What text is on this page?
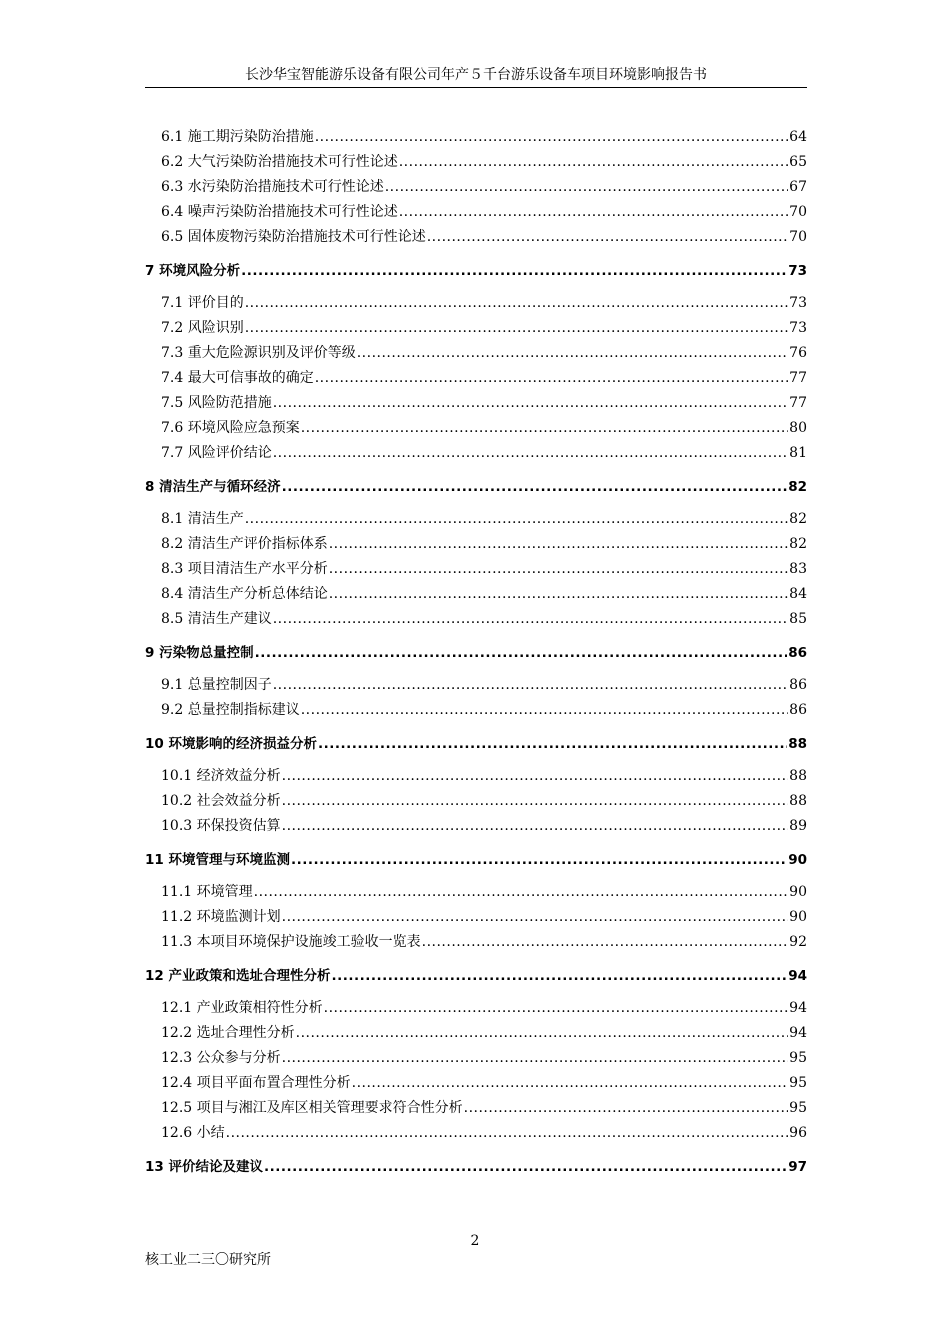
长沙华宝智能游乐设备有限公司年产５千台游乐设备车项目环境影响报告书
6.1 施工期污染防治措施 .....	64
6.2 大气污染防治措施技术可行性论述 .....	65
6.3 水污染防治措施技术可行性论述 .....	67
6.4 噪声污染防治措施技术可行性论述 .....	70
6.5 固体废物污染防治措施技术可行性论述 .....	70
7 环境风险分析 .....	73
7.1 评价目的 .....	73
7.2 风险识别 .....	73
7.3 重大危险源识别及评价等级 .....	76
7.4 最大可信事故的确定 .....	77
7.5 风险防范措施 .....	77
7.6 环境风险应急预案 .....	80
7.7 风险评价结论 .....	81
8 清洁生产与循环经济 .....	82
8.1 清洁生产 .....	82
8.2 清洁生产评价指标体系 .....	82
8.3 项目清洁生产水平分析 .....	83
8.4 清洁生产分析总体结论 .....	84
8.5 清洁生产建议 .....	85
9 污染物总量控制 .....	86
9.1 总量控制因子 .....	86
9.2 总量控制指标建议 .....	86
10 环境影响的经济损益分析 .....	88
10.1 经济效益分析 .....	88
10.2 社会效益分析 .....	88
10.3 环保投资估算 .....	89
11 环境管理与环境监测 .....	90
11.1 环境管理 .....	90
11.2 环境监测计划 .....	90
11.3 本项目环境保护设施竣工验收一览表 .....	92
12 产业政策和选址合理性分析 .....	94
12.1 产业政策相符性分析 .....	94
12.2 选址合理性分析 .....	94
12.3 公众参与分析 .....	95
12.4 项目平面布置合理性分析 .....	95
12.5 项目与湘江及库区相关管理要求符合性分析 .....	95
12.6 小结 .....	96
13 评价结论及建议 .....	97
2
核工业二三〇研究所
